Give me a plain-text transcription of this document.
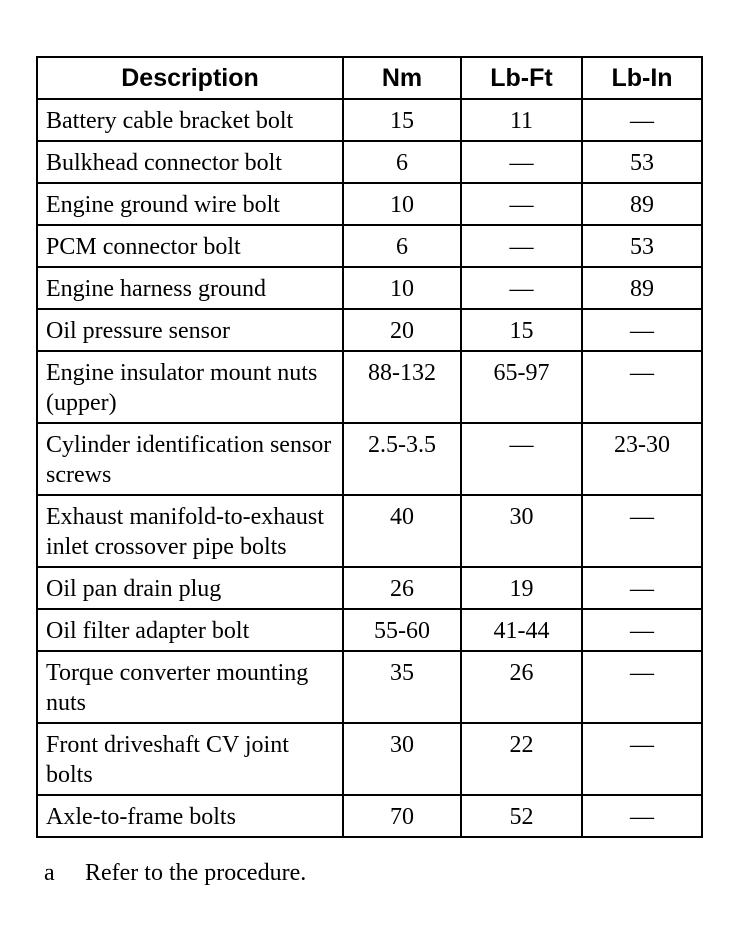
Description	Nm	Lb-Ft	Lb-In
Battery cable bracket bolt	15	11	—
Bulkhead connector bolt	6	—	53
Engine ground wire bolt	10	—	89
PCM connector bolt	6	—	53
Engine harness ground	10	—	89
Oil pressure sensor	20	15	—
Engine insulator mount nuts (upper)	88-132	65-97	—
Cylinder identification sensor screws	2.5-3.5	—	23-30
Exhaust manifold-to-exhaust inlet crossover pipe bolts	40	30	—
Oil pan drain plug	26	19	—
Oil filter adapter bolt	55-60	41-44	—
Torque converter mounting nuts	35	26	—
Front driveshaft CV joint bolts	30	22	—
Axle-to-frame bolts	70	52	—
a Refer to the procedure.
